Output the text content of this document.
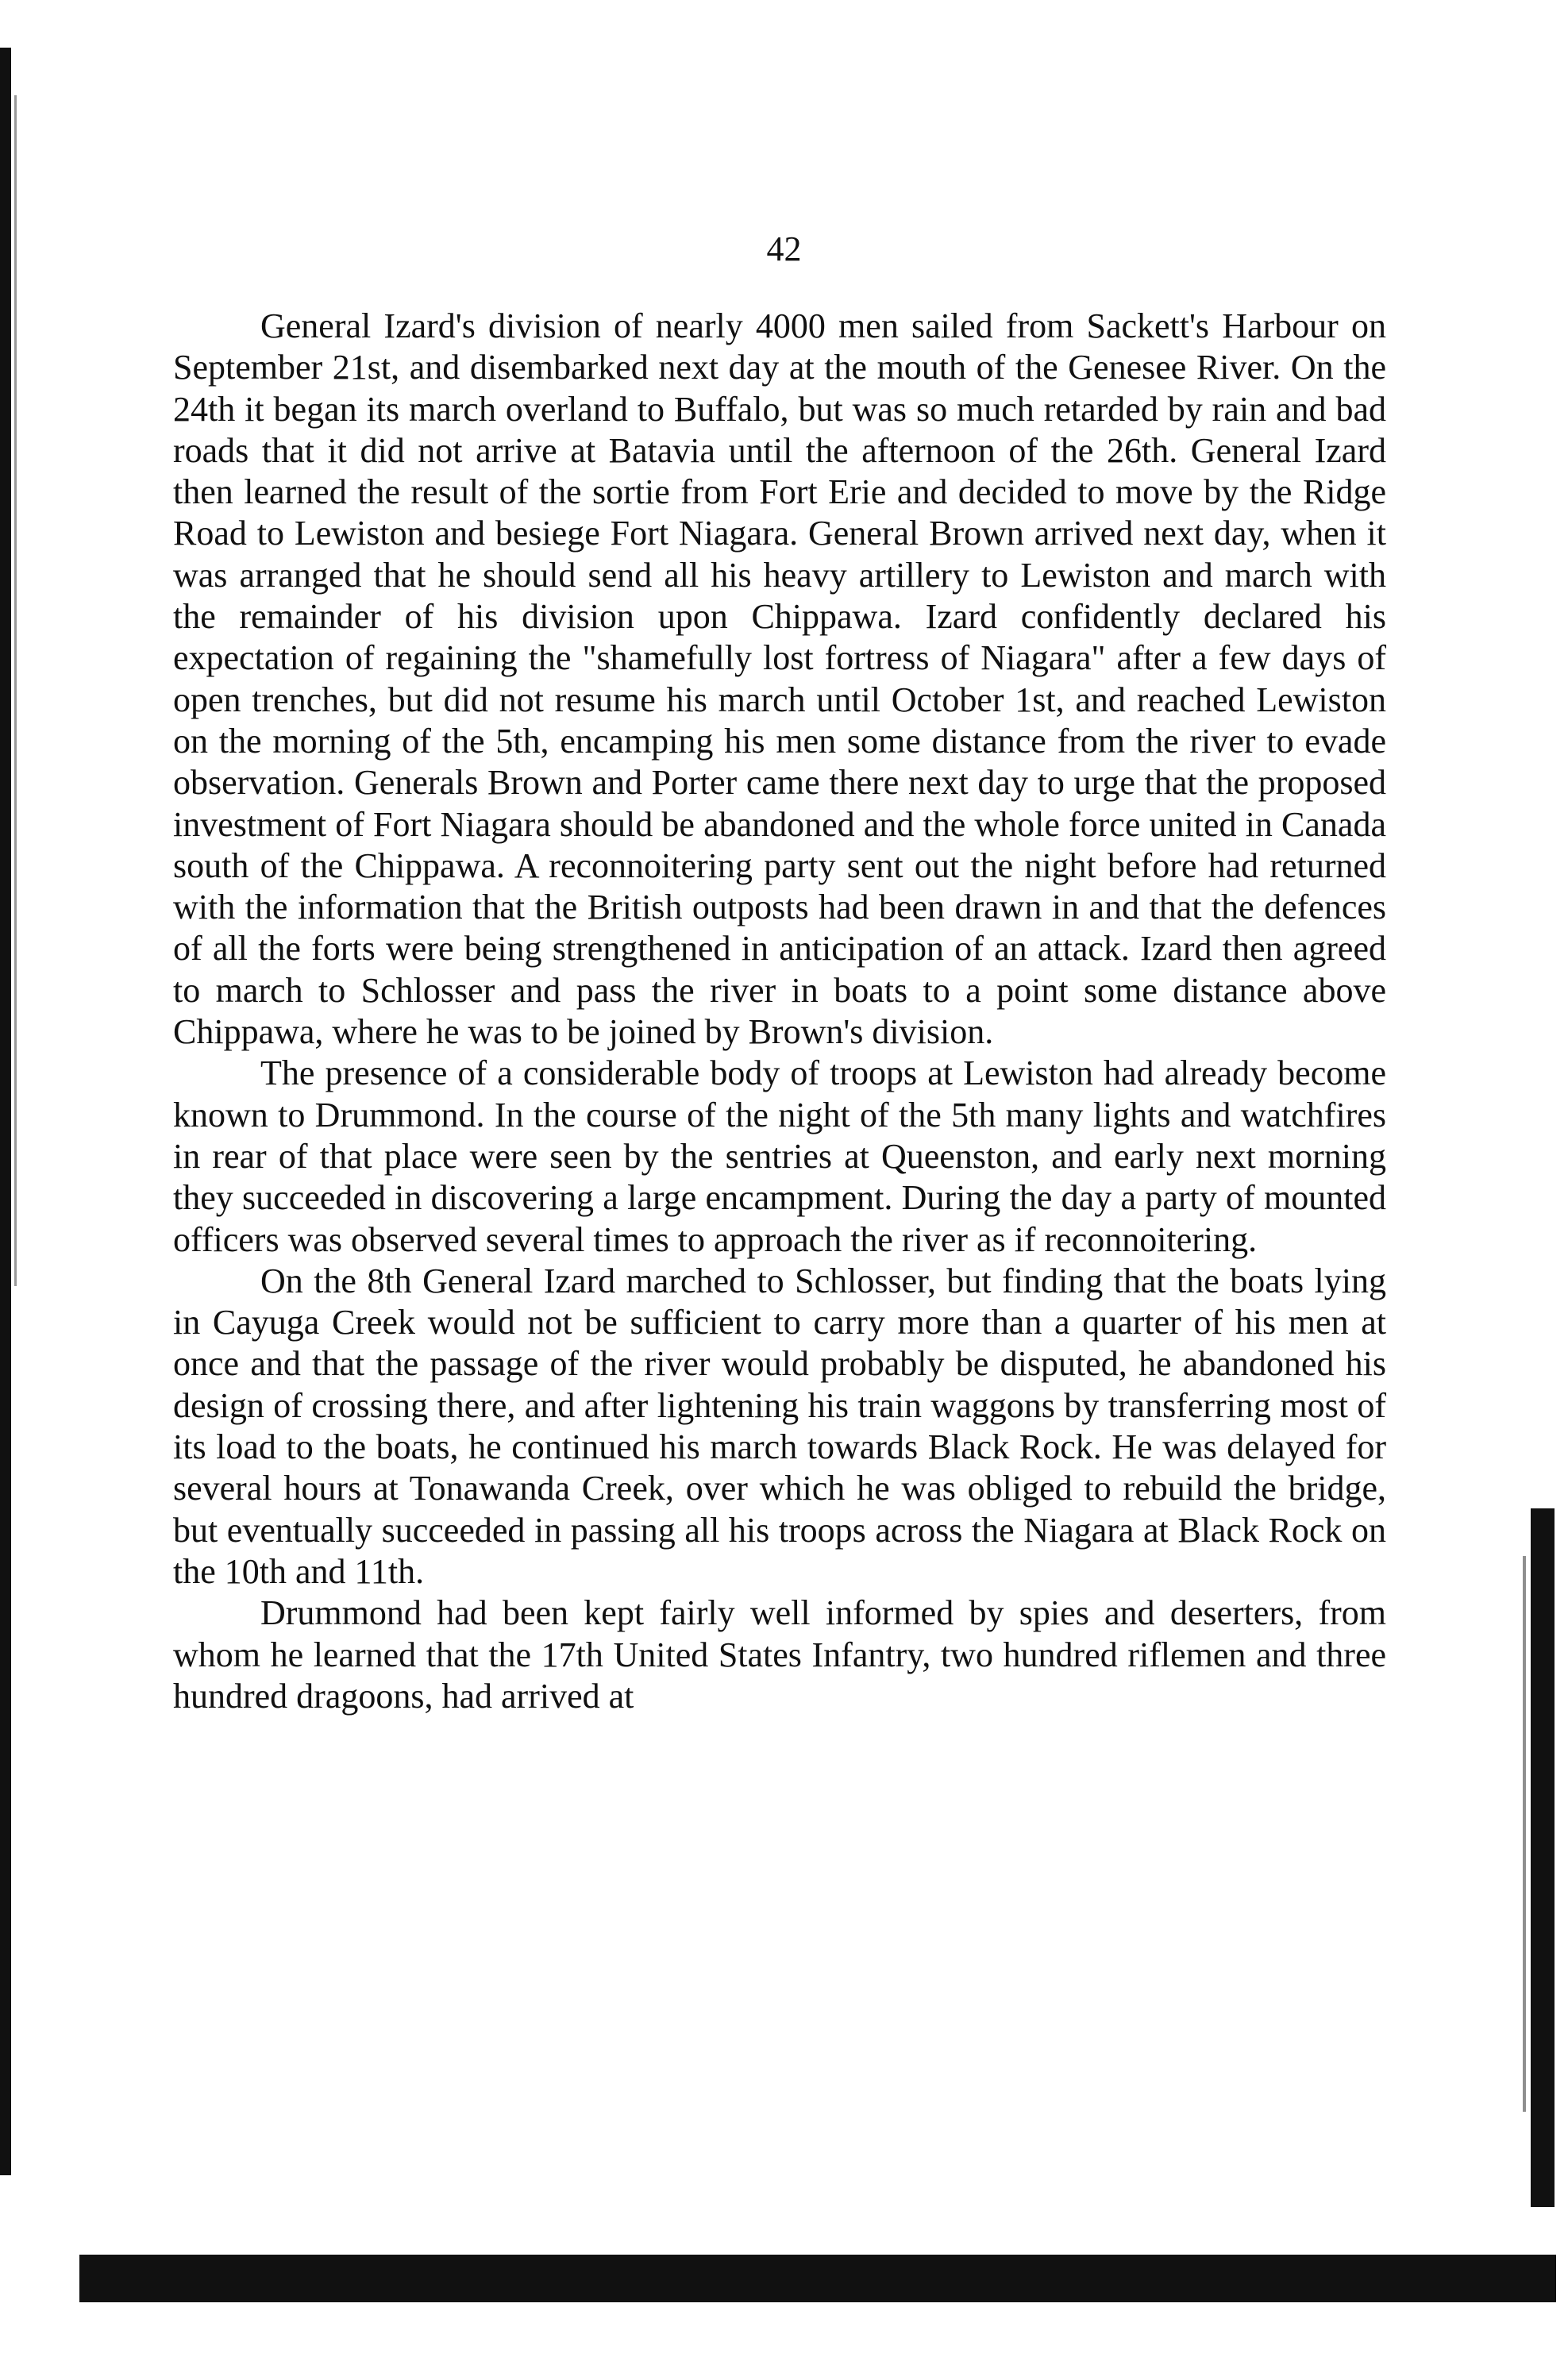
42

General Izard's division of nearly 4000 men sailed from Sackett's Harbour on September 21st, and disembarked next day at the mouth of the Genesee River. On the 24th it began its march overland to Buffalo, but was so much retarded by rain and bad roads that it did not arrive at Batavia until the afternoon of the 26th. General Izard then learned the result of the sortie from Fort Erie and decided to move by the Ridge Road to Lewiston and besiege Fort Niagara. General Brown arrived next day, when it was arranged that he should send all his heavy artillery to Lewiston and march with the remainder of his division upon Chippawa. Izard confidently declared his expectation of regaining the "shamefully lost fortress of Niagara" after a few days of open trenches, but did not resume his march until October 1st, and reached Lewiston on the morning of the 5th, encamping his men some distance from the river to evade observation. Generals Brown and Porter came there next day to urge that the proposed investment of Fort Niagara should be abandoned and the whole force united in Canada south of the Chippawa. A reconnoitering party sent out the night before had returned with the information that the British outposts had been drawn in and that the defences of all the forts were being strengthened in anticipation of an attack. Izard then agreed to march to Schlosser and pass the river in boats to a point some distance above Chippawa, where he was to be joined by Brown's division.

The presence of a considerable body of troops at Lewiston had already become known to Drummond. In the course of the night of the 5th many lights and watchfires in rear of that place were seen by the sentries at Queenston, and early next morning they succeeded in discovering a large encampment. During the day a party of mounted officers was observed several times to approach the river as if reconnoitering.

On the 8th General Izard marched to Schlosser, but finding that the boats lying in Cayuga Creek would not be sufficient to carry more than a quarter of his men at once and that the passage of the river would probably be disputed, he abandoned his design of crossing there, and after lightening his train waggons by transferring most of its load to the boats, he continued his march towards Black Rock. He was delayed for several hours at Tonawanda Creek, over which he was obliged to rebuild the bridge, but eventually succeeded in passing all his troops across the Niagara at Black Rock on the 10th and 11th.

Drummond had been kept fairly well informed by spies and deserters, from whom he learned that the 17th United States Infantry, two hundred riflemen and three hundred dragoons, had arrived at
